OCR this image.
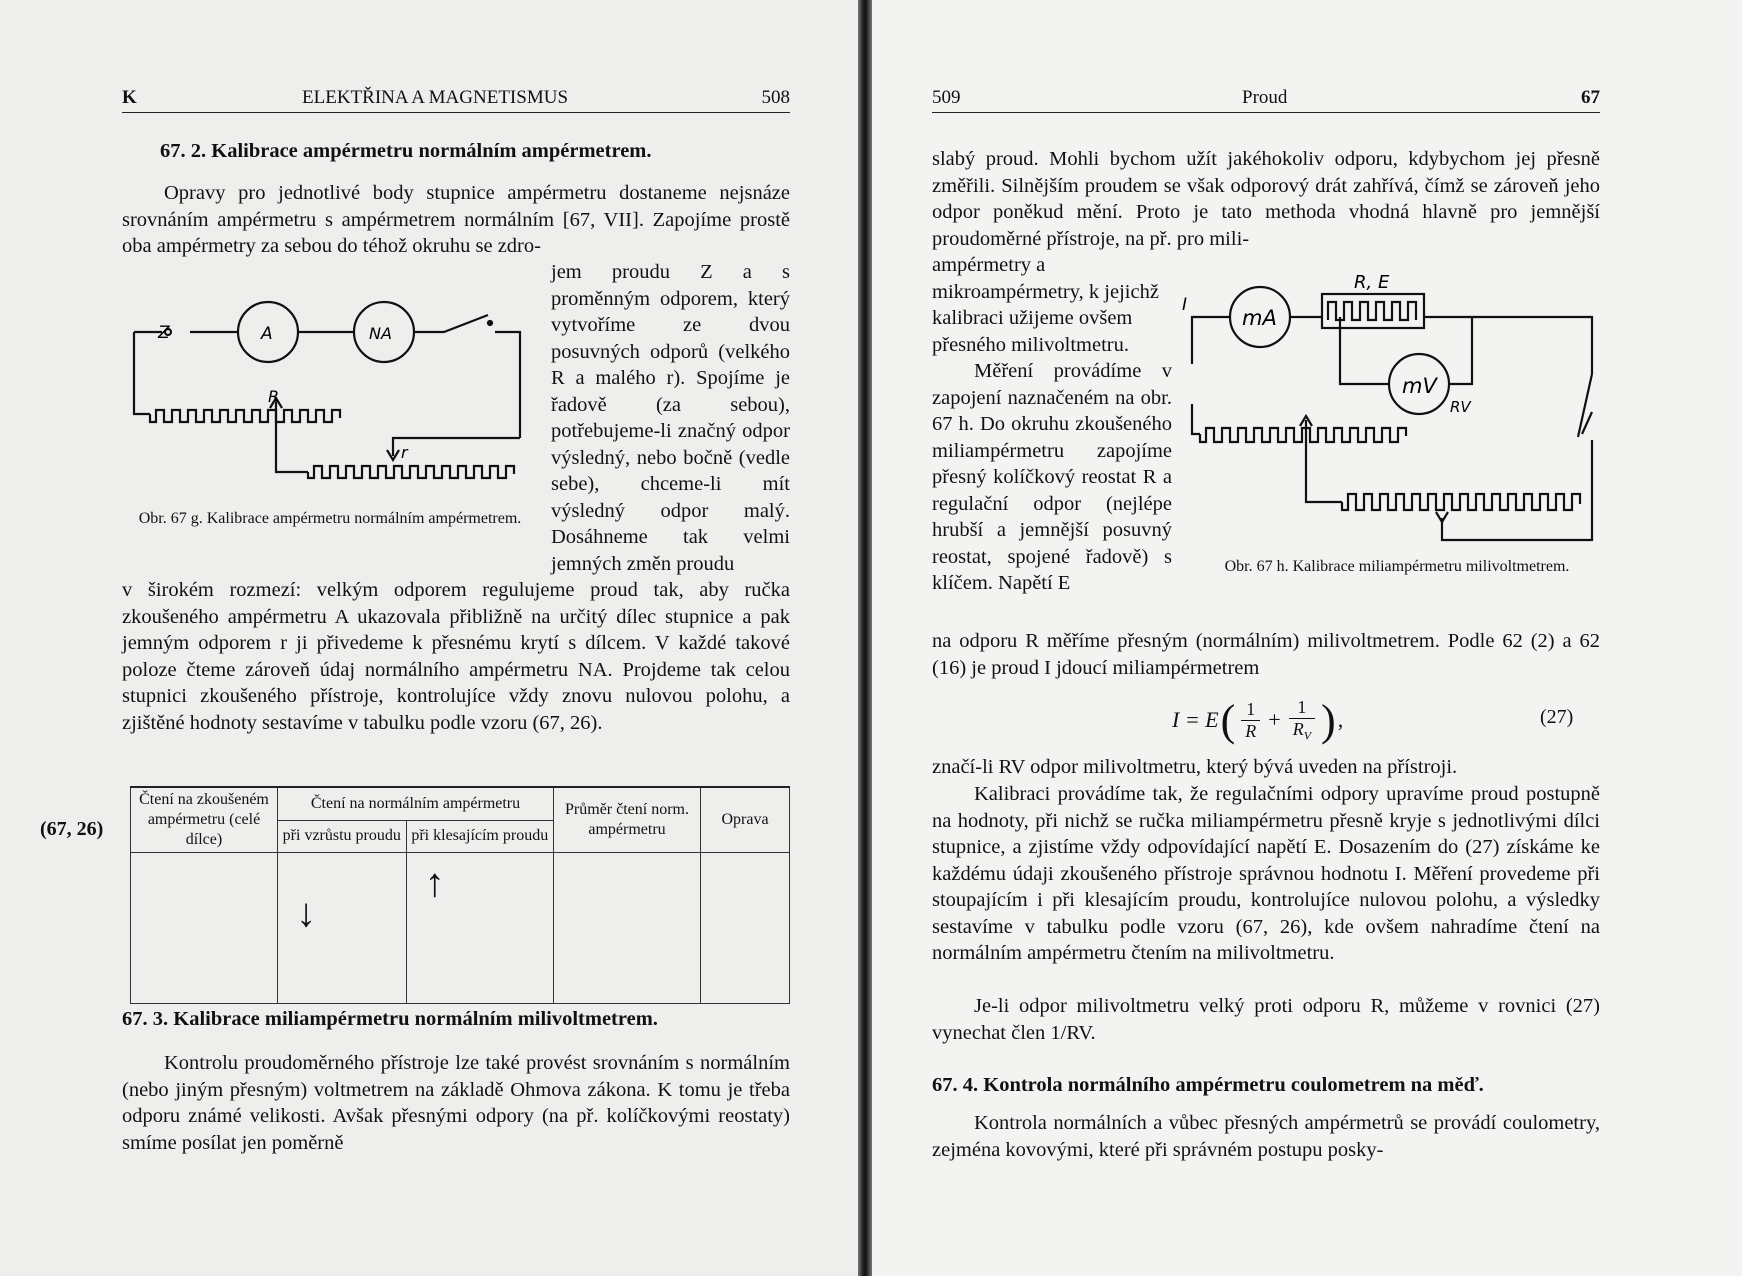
K	ELEKTŘINA A MAGNETISMUS	508

67. 2. Kalibrace ampérmetru normálním ampérmetrem.

Opravy pro jednotlivé body stupnice ampérmetru dostaneme nejsnáze srovnáním ampérmetru s ampérmetrem normálním [67, VII]. Zapojíme prostě oba ampérmetry za sebou do téhož okruhu se zdro-

Z	A	NA
R
r
Obr. 67 g. Kalibrace ampérmetru normálním ampérmetrem.

jem proudu Z a s proměnným odporem, který vytvoříme ze dvou posuvných odporů (velkého R a malého r). Spojíme je řadově (za sebou), potřebujeme-li značný odpor výsledný, nebo bočně (vedle sebe), chceme-li mít výsledný odpor malý. Dosáhneme tak velmi jemných změn proudu

v širokém rozmezí: velkým odporem regulujeme proud tak, aby ručka zkoušeného ampérmetru A ukazovala přibližně na určitý dílec stupnice a pak jemným odporem r ji přivedeme k přesnému krytí s dílcem. V každé takové poloze čteme zároveň údaj normálního ampérmetru NA. Projdeme tak celou stupnici zkoušeného přístroje, kontrolujíce vždy znovu nulovou polohu, a zjištěné hodnoty sestavíme v tabulku podle vzoru (67, 26).

(67, 26)
Čtení na zkoušeném ampérmetru (celé dílce)	Čtení na normálním ampérmetru		Průměr čtení norm. ampérmetru	Oprava
	při vzrůstu proudu	při klesajícím proudu		
	↓	↑		

67. 3. Kalibrace miliampérmetru normálním milivoltmetrem.

Kontrolu proudoměrného přístroje lze také provést srovnáním s normálním (nebo jiným přesným) voltmetrem na základě Ohmova zákona. K tomu je třeba odporu známé velikosti. Avšak přesnými odpory (na př. kolíčkovými reostaty) smíme posílat jen poměrně

509	Proud	67

slabý proud. Mohli bychom užít jakéhokoliv odporu, kdybychom jej přesně změřili. Silnějším proudem se však odporový drát zahřívá, čímž se zároveň jeho odpor poněkud mění. Proto je tato methoda vhodná hlavně pro jemnější proudoměrné přístroje, na př. pro mili-

ampérmetry a mikroampérmetry, k jejichž kalibraci užijeme ovšem přesného milivoltmetru.

Měření provádíme v zapojení naznačeném na obr. 67 h. Do okruhu zkoušeného miliampérmetru zapojíme přesný kolíčkový reostat R a regulační odpor (nejlépe hrubší a jemnější posuvný reostat, spojené řadově) s klíčem. Napětí E

I
mA
R, E
mV
RV
Obr. 67 h. Kalibrace miliampérmetru milivoltmetrem.

na odporu R měříme přesným (normálním) milivoltmetrem. Podle 62 (2) a 62 (16) je proud I jdoucí miliampérmetrem

I = E ( $\frac{1}{R} + \frac{1}{R_V}$ ) ,	(27)

značí-li RV odpor milivoltmetru, který bývá uveden na přístroji.

Kalibraci provádíme tak, že regulačními odpory upravíme proud postupně na hodnoty, při nichž se ručka miliampérmetru přesně kryje s jednotlivými dílci stupnice, a zjistíme vždy odpovídající napětí E. Dosazením do (27) získáme ke každému údaji zkoušeného přístroje správnou hodnotu I. Měření provedeme při stoupajícím i při klesajícím proudu, kontrolujíce nulovou polohu, a výsledky sestavíme v tabulku podle vzoru (67, 26), kde ovšem nahradíme čtení na normálním ampérmetru čtením na milivoltmetru.

Je-li odpor milivoltmetru velký proti odporu R, můžeme v rovnici (27) vynechat člen 1/RV.

67. 4. Kontrola normálního ampérmetru coulometrem na měď.

Kontrola normálních a vůbec přesných ampérmetrů se provádí coulometry, zejména kovovými, které při správném postupu posky-
